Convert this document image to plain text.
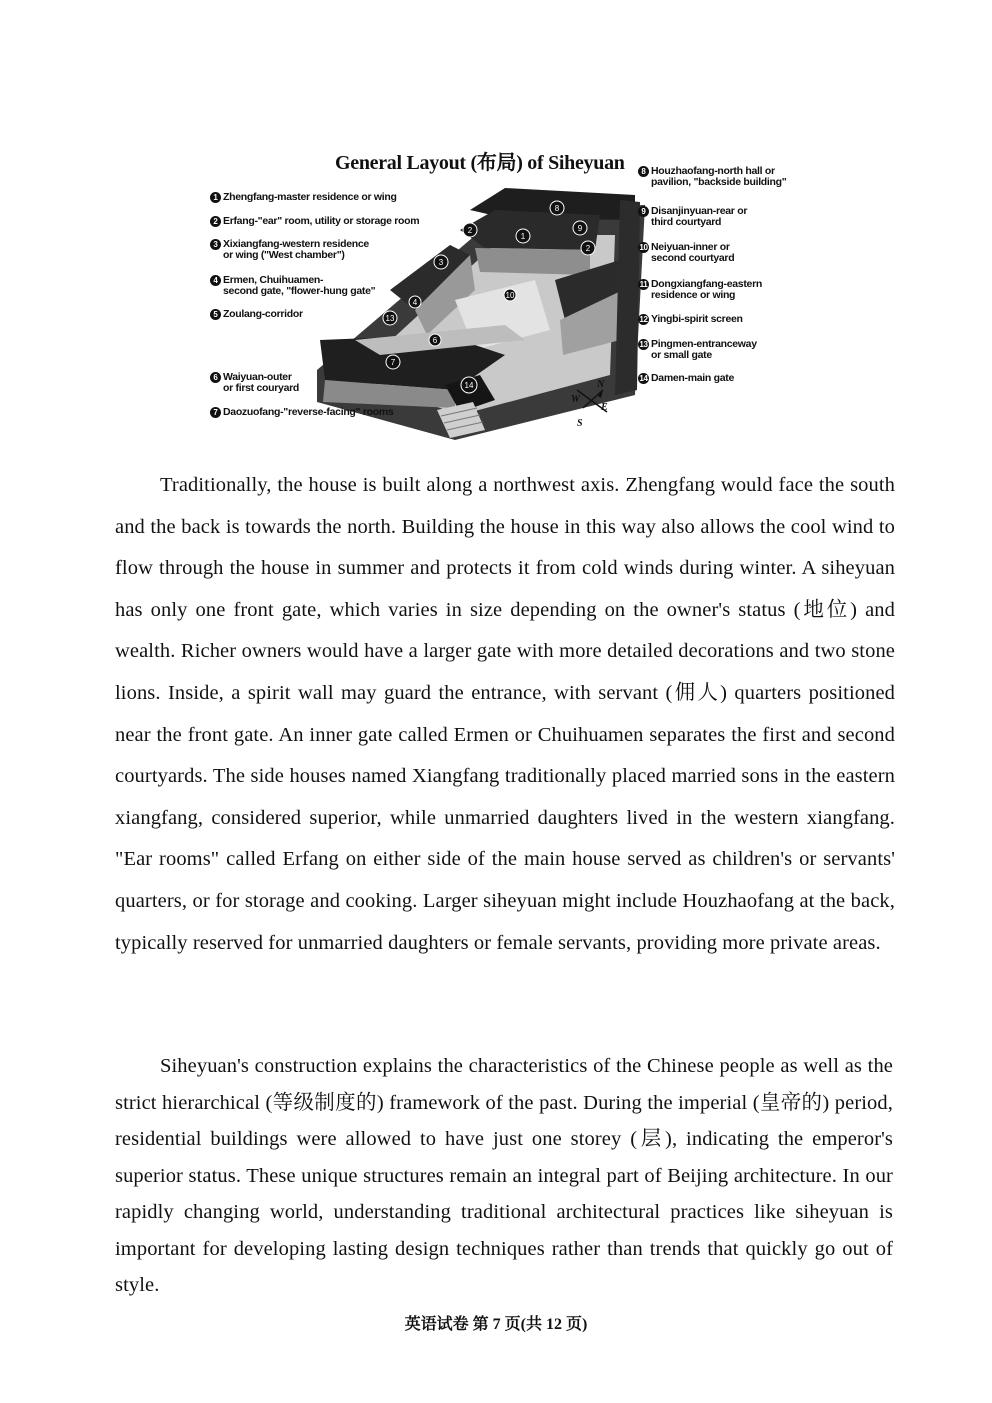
General Layout (布局) of Siheyuan
1
2
2
3
4
6
7
8
9
10
13
14	N
W
E
S
1 Zhengfang-master residence or wing
2 Erfang-"ear" room, utility or storage room
3 Xixiangfang-western residence
or wing ("West chamber")
4 Ermen, Chuihuamen-
second gate, "flower-hung gate"
5 Zoulang-corridor
6 Waiyuan-outer
or first couryard
7 Daozuofang-"reverse-facing" rooms
8 Houzhaofang-north hall or
pavilion, "backside building"
9 Disanjinyuan-rear or
third courtyard
10 Neiyuan-inner or
second courtyard
11 Dongxiangfang-eastern
residence or wing
12 Yingbi-spirit screen
13 Pingmen-entranceway
or small gate
14 Damen-main gate

Traditionally, the house is built along a northwest axis. Zhengfang would face the south and the back is towards the north. Building the house in this way also allows the cool wind to flow through the house in summer and protects it from cold winds during winter. A siheyuan has only one front gate, which varies in size depending on the owner's status (地位) and wealth. Richer owners would have a larger gate with more detailed decorations and two stone lions. Inside, a spirit wall may guard the entrance, with servant (佣人) quarters positioned near the front gate. An inner gate called Ermen or Chuihuamen separates the first and second courtyards. The side houses named Xiangfang traditionally placed married sons in the eastern xiangfang, considered superior, while unmarried daughters lived in the western xiangfang. "Ear rooms" called Erfang on either side of the main house served as children's or servants' quarters, or for storage and cooking. Larger siheyuan might include Houzhaofang at the back, typically reserved for unmarried daughters or female servants, providing more private areas.

Siheyuan's construction explains the characteristics of the Chinese people as well as the strict hierarchical (等级制度的) framework of the past. During the imperial (皇帝的) period, residential buildings were allowed to have just one storey (层), indicating the emperor's superior status. These unique structures remain an integral part of Beijing architecture. In our rapidly changing world, understanding traditional architectural practices like siheyuan is important for developing lasting design techniques rather than trends that quickly go out of style.

英语试卷 第 7 页(共 12 页)
